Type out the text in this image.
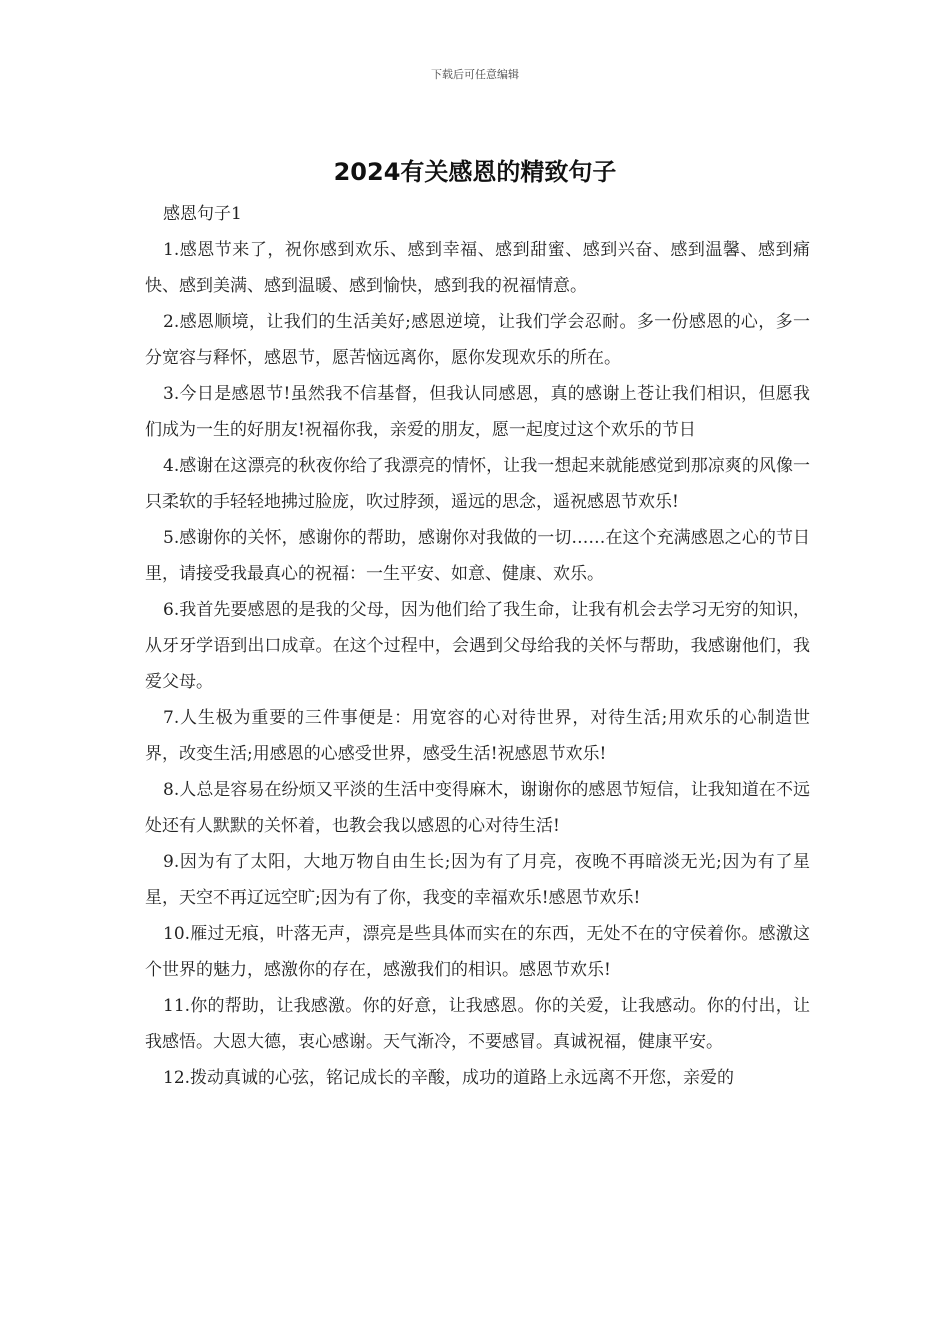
下载后可任意编辑
2024有关感恩的精致句子

感恩句子1

1.感恩节来了，祝你感到欢乐、感到幸福、感到甜蜜、感到兴奋、感到温馨、感到痛快、感到美满、感到温暖、感到愉快，感到我的祝福情意。

2.感恩顺境，让我们的生活美好;感恩逆境，让我们学会忍耐。多一份感恩的心，多一分宽容与释怀，感恩节，愿苦恼远离你，愿你发现欢乐的所在。

3.今日是感恩节!虽然我不信基督，但我认同感恩，真的感谢上苍让我们相识，但愿我们成为一生的好朋友!祝福你我，亲爱的朋友，愿一起度过这个欢乐的节日

4.感谢在这漂亮的秋夜你给了我漂亮的情怀，让我一想起来就能感觉到那凉爽的风像一只柔软的手轻轻地拂过脸庞，吹过脖颈，遥远的思念，遥祝感恩节欢乐!

5.感谢你的关怀，感谢你的帮助，感谢你对我做的一切……在这个充满感恩之心的节日里，请接受我最真心的祝福：一生平安、如意、健康、欢乐。

6.我首先要感恩的是我的父母，因为他们给了我生命，让我有机会去学习无穷的知识，从牙牙学语到出口成章。在这个过程中，会遇到父母给我的关怀与帮助，我感谢他们，我爱父母。

7.人生极为重要的三件事便是：用宽容的心对待世界，对待生活;用欢乐的心制造世界，改变生活;用感恩的心感受世界，感受生活!祝感恩节欢乐!

8.人总是容易在纷烦又平淡的生活中变得麻木，谢谢你的感恩节短信，让我知道在不远处还有人默默的关怀着，也教会我以感恩的心对待生活!

9.因为有了太阳，大地万物自由生长;因为有了月亮，夜晚不再暗淡无光;因为有了星星，天空不再辽远空旷;因为有了你，我变的幸福欢乐!感恩节欢乐!

10.雁过无痕，叶落无声，漂亮是些具体而实在的东西，无处不在的守侯着你。感激这个世界的魅力，感激你的存在，感激我们的相识。感恩节欢乐!

11.你的帮助，让我感激。你的好意，让我感恩。你的关爱，让我感动。你的付出，让我感悟。大恩大德，衷心感谢。天气渐冷，不要感冒。真诚祝福，健康平安。

12.拨动真诚的心弦，铭记成长的辛酸，成功的道路上永远离不开您，亲爱的
